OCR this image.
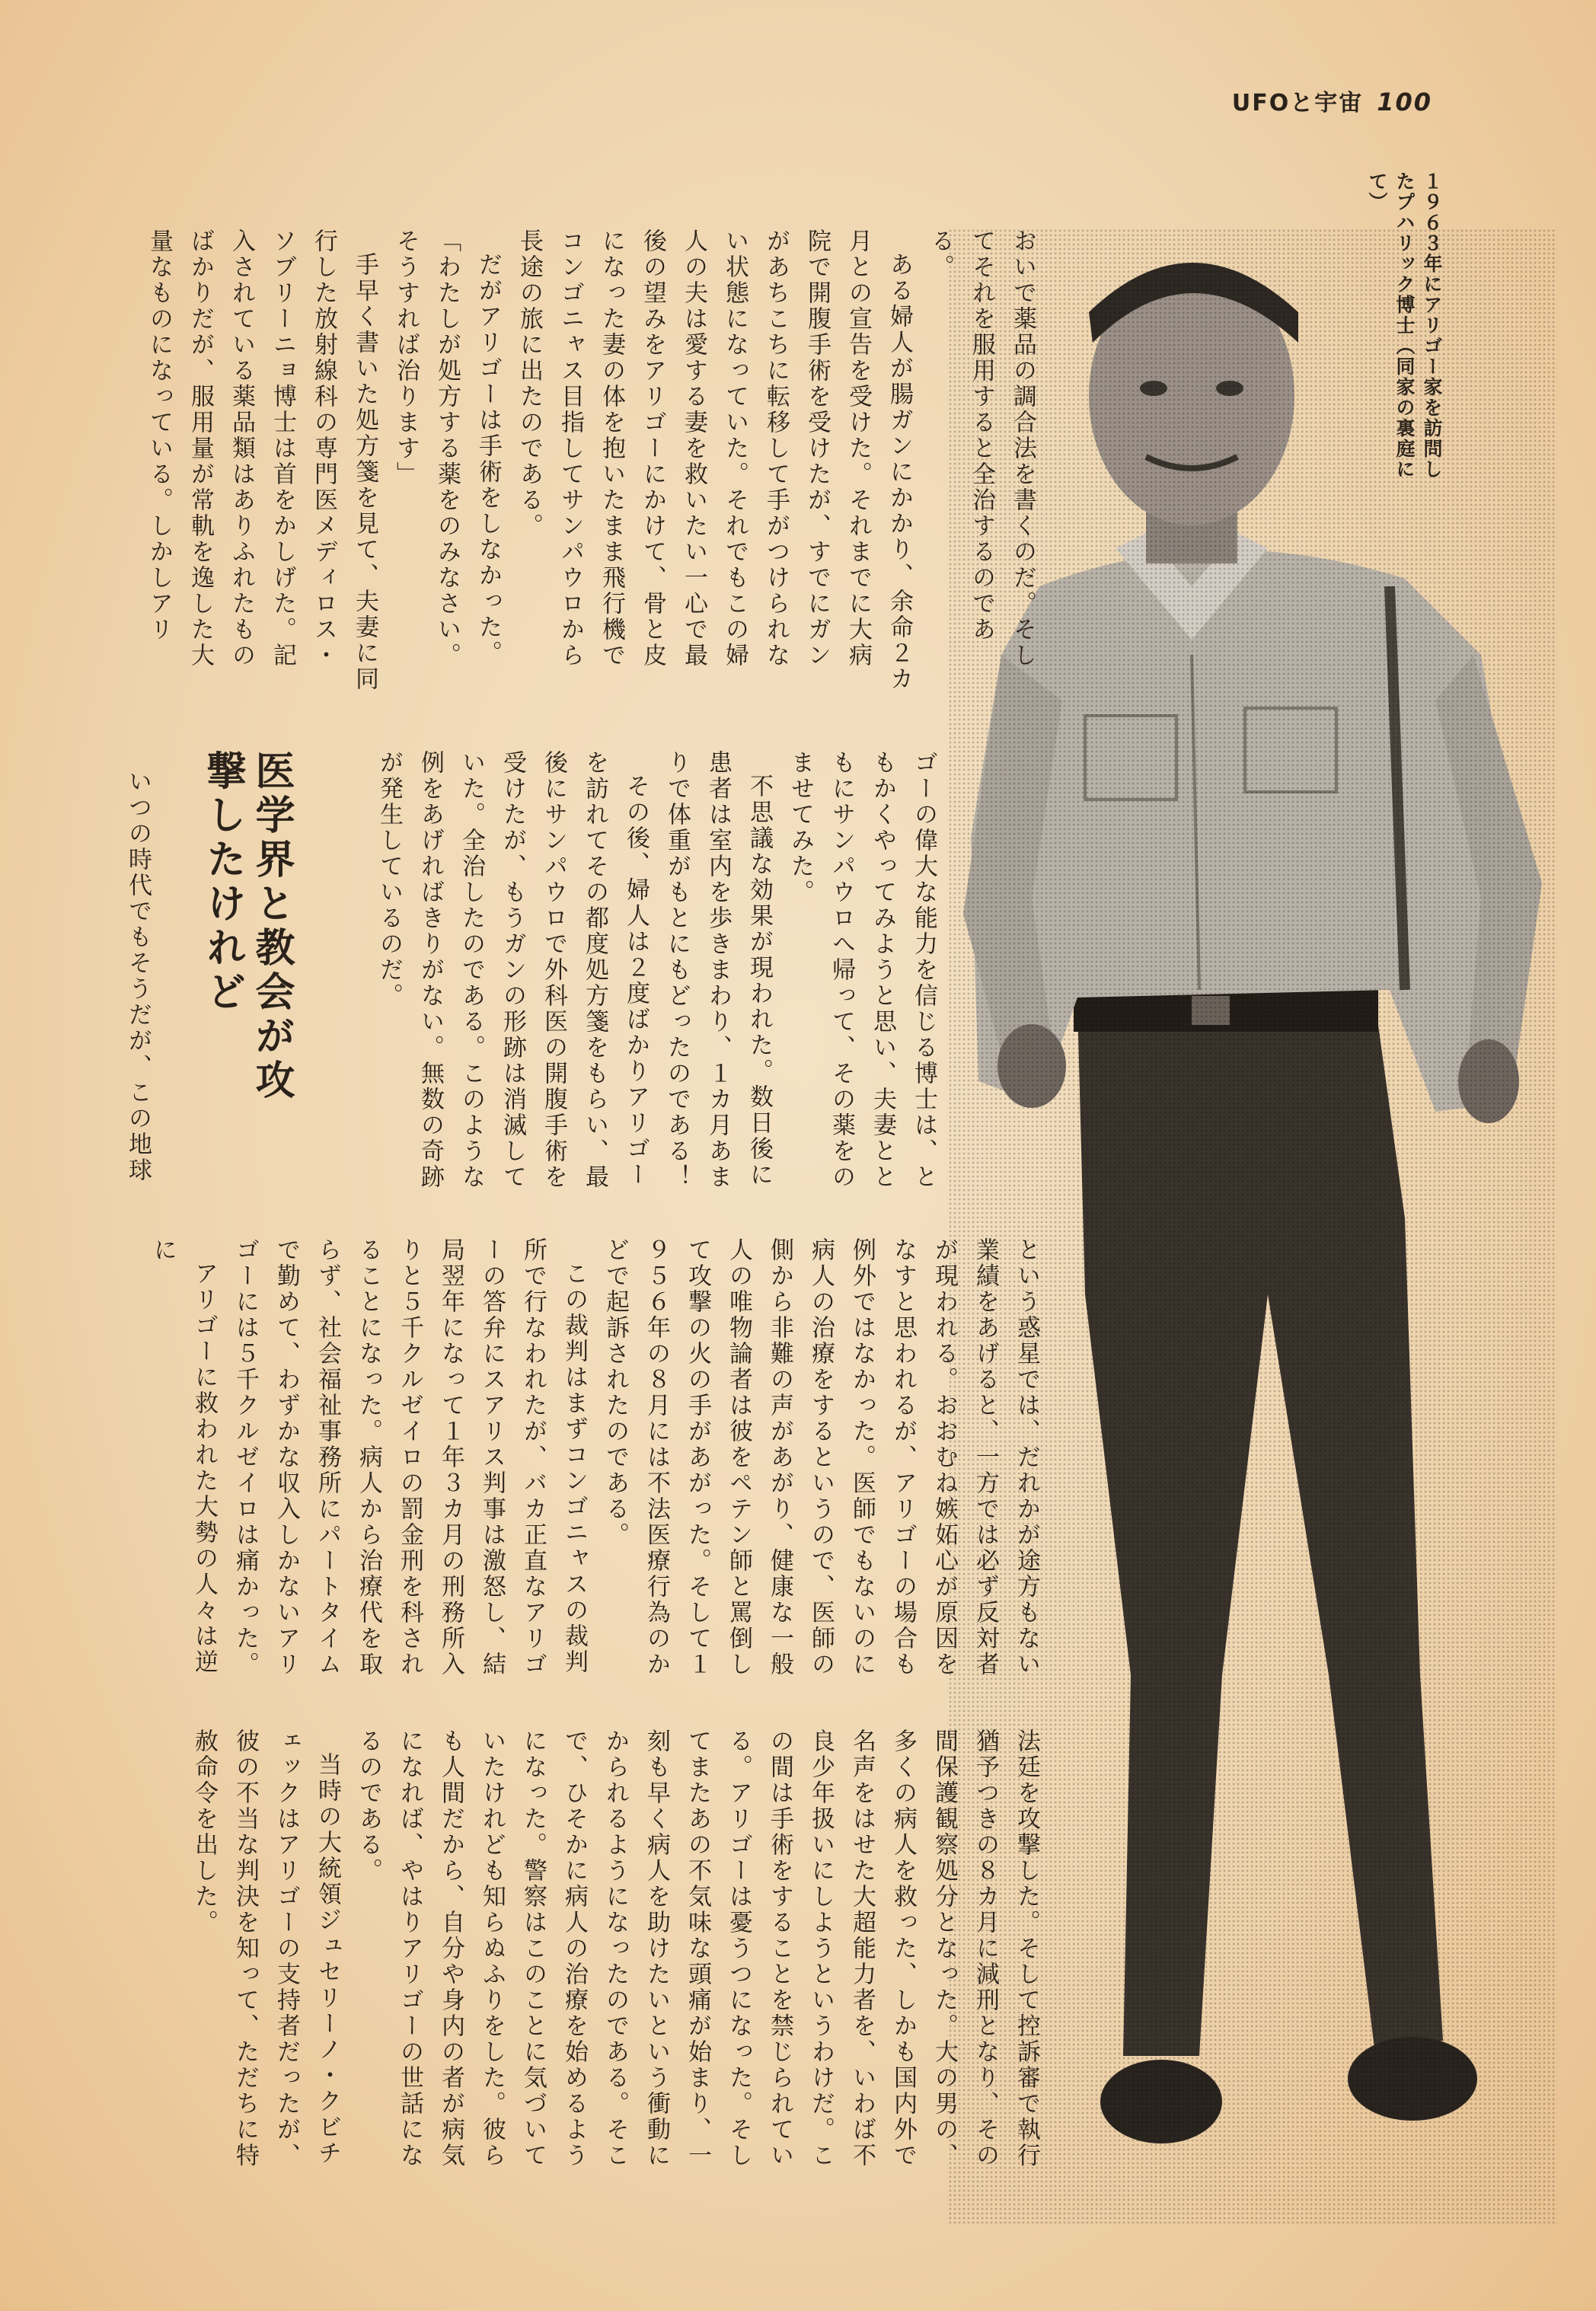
UFOと宇宙 100
１９６３年にアリゴー家を訪問したプハリック博士（同家の裏庭にて）

おいで薬品の調合法を書くのだ。そしてそれを服用すると全治するのである。

ある婦人が腸ガンにかかり、余命２カ月との宣告を受けた。それまでに大病院で開腹手術を受けたが、すでにガンがあちこちに転移して手がつけられない状態になっていた。それでもこの婦人の夫は愛する妻を救いたい一心で最後の望みをアリゴーにかけて、骨と皮になった妻の体を抱いたまま飛行機でコンゴニャス目指してサンパウロから長途の旅に出たのである。

だがアリゴーは手術をしなかった。

「わたしが処方する薬をのみなさい。そうすれば治ります」

手早く書いた処方箋を見て、夫妻に同行した放射線科の専門医メディロス・ソブリーニョ博士は首をかしげた。記入されている薬品類はありふれたものばかりだが、服用量が常軌を逸した大量なものになっている。しかしアリ

ゴーの偉大な能力を信じる博士は、ともかくやってみようと思い、夫妻とともにサンパウロへ帰って、その薬をのませてみた。

不思議な効果が現われた。数日後に患者は室内を歩きまわり、１カ月あまりで体重がもとにもどったのである！

その後、婦人は２度ばかりアリゴーを訪れてその都度処方箋をもらい、最後にサンパウロで外科医の開腹手術を受けたが、もうガンの形跡は消滅していた。全治したのである。このような例をあげればきりがない。無数の奇跡が発生しているのだ。

医学界と教会が攻撃したけれど

いつの時代でもそうだが、この地球

という惑星では、だれかが途方もない業績をあげると、一方では必ず反対者が現われる。おおむね嫉妬心が原因をなすと思われるが、アリゴーの場合も例外ではなかった。医師でもないのに病人の治療をするというので、医師の側から非難の声があがり、健康な一般人の唯物論者は彼をペテン師と罵倒して攻撃の火の手があがった。そして１９５６年の８月には不法医療行為のかどで起訴されたのである。

この裁判はまずコンゴニャスの裁判所で行なわれたが、バカ正直なアリゴーの答弁にスアリス判事は激怒し、結局翌年になって１年３カ月の刑務所入りと５千クルゼイロの罰金刑を科されることになった。病人から治療代を取らず、社会福祉事務所にパートタイムで勤めて、わずかな収入しかないアリゴーには５千クルゼイロは痛かった。

アリゴーに救われた大勢の人々は逆に

法廷を攻撃した。そして控訴審で執行猶予つきの８カ月に減刑となり、その間保護観察処分となった。大の男の、多くの病人を救った、しかも国内外で名声をはせた大超能力者を、いわば不良少年扱いにしようというわけだ。この間は手術をすることを禁じられている。アリゴーは憂うつになった。そしてまたあの不気味な頭痛が始まり、一刻も早く病人を助けたいという衝動にかられるようになったのである。そこで、ひそかに病人の治療を始めるようになった。警察はこのことに気づいていたけれども知らぬふりをした。彼らも人間だから、自分や身内の者が病気になれば、やはりアリゴーの世話になるのである。

当時の大統領ジュセリーノ・クビチェックはアリゴーの支持者だったが、彼の不当な判決を知って、ただちに特赦命令を出した。
